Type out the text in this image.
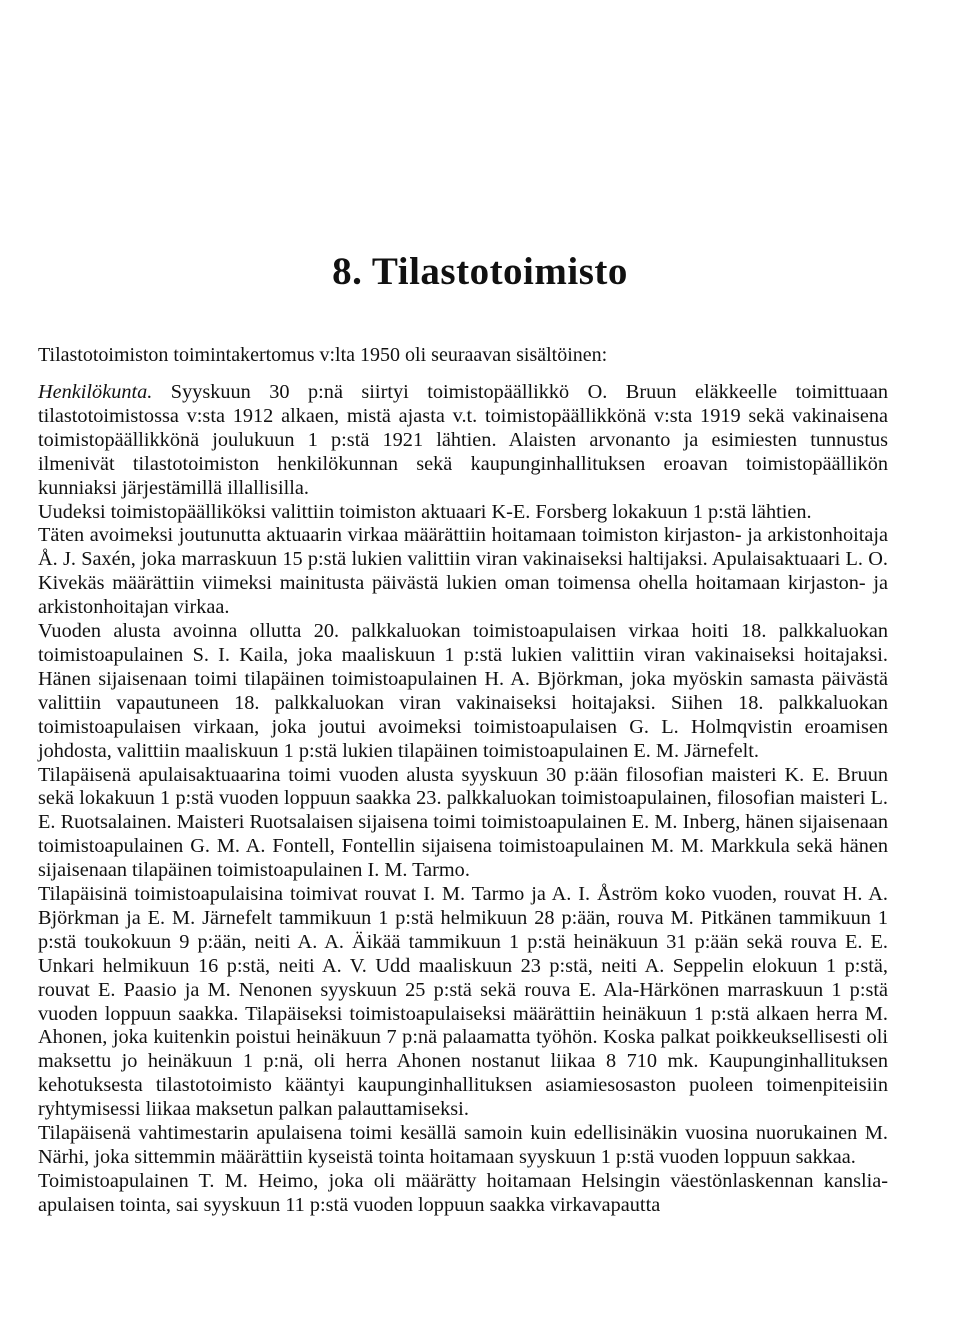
8. Tilastotoimisto

Tilastotoimiston toimintakertomus v:lta 1950 oli seuraavan sisältöinen:

Henkilökunta. Syyskuun 30 p:nä siirtyi toimistopäällikkö O. Bruun eläkkeelle toimittuaan tilastotoimistossa v:sta 1912 alkaen, mistä ajasta v.t. toimistopäällikkönä v:sta 1919 sekä vakinaisena toimistopäällikkönä joulukuun 1 p:stä 1921 lähtien. Alaisten arvonanto ja esimiesten tunnustus ilmenivät tilastotoimiston henkilökunnan sekä kaupunginhallituksen eroavan toimistopäällikön kunniaksi järjestämillä illallisilla.

Uudeksi toimistopäälliköksi valittiin toimiston aktuaari K-E. Forsberg lokakuun 1 p:stä lähtien.

Täten avoimeksi joutunutta aktuaarin virkaa määrättiin hoitamaan toimiston kirjaston- ja arkistonhoitaja Å. J. Saxén, joka marraskuun 15 p:stä lukien valittiin viran vakinaiseksi haltijaksi. Apulaisaktuaari L. O. Kivekäs määrättiin viimeksi mainitusta päivästä lukien oman toimensa ohella hoitamaan kirjaston- ja arkistonhoitajan virkaa.

Vuoden alusta avoinna ollutta 20. palkkaluokan toimistoapulaisen virkaa hoiti 18. palkkaluokan toimistoapulainen S. I. Kaila, joka maaliskuun 1 p:stä lukien valittiin viran vakinaiseksi hoitajaksi. Hänen sijaisenaan toimi tilapäinen toimistoapulainen H. A. Björkman, joka myöskin samasta päivästä valittiin vapautuneen 18. palkkaluokan viran vakinaiseksi hoitajaksi. Siihen 18. palkkaluokan toimistoapulaisen virkaan, joka joutui avoimeksi toimistoapulaisen G. L. Holmqvistin eroamisen johdosta, valittiin maaliskuun 1 p:stä lukien tilapäinen toimistoapulainen E. M. Järnefelt.

Tilapäisenä apulaisaktuaarina toimi vuoden alusta syyskuun 30 p:ään filosofian maisteri K. E. Bruun sekä lokakuun 1 p:stä vuoden loppuun saakka 23. palkkaluokan toimistoapulainen, filosofian maisteri L. E. Ruotsalainen. Maisteri Ruotsalaisen sijaisena toimi toimistoapulainen E. M. Inberg, hänen sijaisenaan toimistoapulainen G. M. A. Fontell, Fontellin sijaisena toimistoapulainen M. M. Markkula sekä hänen sijaisenaan tilapäinen toimistoapulainen I. M. Tarmo.

Tilapäisinä toimistoapulaisina toimivat rouvat I. M. Tarmo ja A. I. Åström koko vuoden, rouvat H. A. Björkman ja E. M. Järnefelt tammikuun 1 p:stä helmikuun 28 p:ään, rouva M. Pitkänen tammikuun 1 p:stä toukokuun 9 p:ään, neiti A. A. Äikää tammikuun 1 p:stä heinäkuun 31 p:ään sekä rouva E. E. Unkari helmikuun 16 p:stä, neiti A. V. Udd maaliskuun 23 p:stä, neiti A. Seppelin elokuun 1 p:stä, rouvat E. Paasio ja M. Nenonen syyskuun 25 p:stä sekä rouva E. Ala-Härkönen marraskuun 1 p:stä vuoden loppuun saakka. Tilapäiseksi toimistoapulaiseksi määrättiin heinäkuun 1 p:stä alkaen herra M. Ahonen, joka kuitenkin poistui heinäkuun 7 p:nä palaamatta työhön. Koska palkat poikkeuksellisesti oli maksettu jo heinäkuun 1 p:nä, oli herra Ahonen nostanut liikaa 8 710 mk. Kaupunginhallituksen kehotuksesta tilastotoimisto kääntyi kaupunginhallituksen asiamiesosaston puoleen toimenpiteisiin ryhtymisessi liikaa maksetun palkan palauttamiseksi.

Tilapäisenä vahtimestarin apulaisena toimi kesällä samoin kuin edellisinäkin vuosina nuorukainen M. Närhi, joka sittemmin määrättiin kyseistä tointa hoitamaan syyskuun 1 p:stä vuoden loppuun sakkaa.

Toimistoapulainen T. M. Heimo, joka oli määrätty hoitamaan Helsingin väestönlaskennan kanslia-apulaisen tointa, sai syyskuun 11 p:stä vuoden loppuun saakka virkavapautta
